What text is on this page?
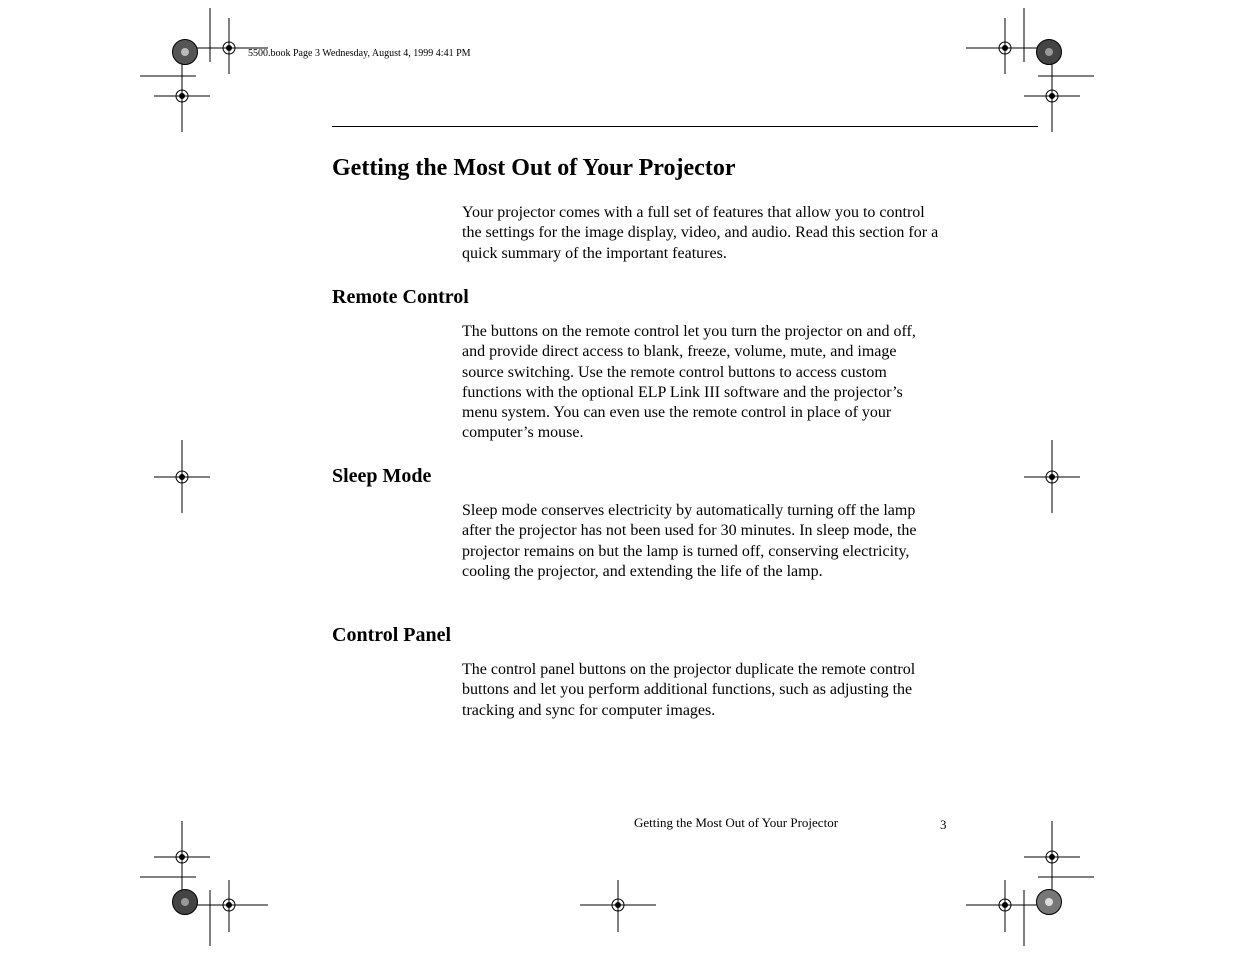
5500.book Page 3 Wednesday, August 4, 1999 4:41 PM
Getting the Most Out of Your Projector

Your projector comes with a full set of features that allow you to control the settings for the image display, video, and audio. Read this section for a quick summary of the important features.

Remote Control

The buttons on the remote control let you turn the projector on and off, and provide direct access to blank, freeze, volume, mute, and image source switching. Use the remote control buttons to access custom functions with the optional ELP Link III software and the projector’s menu system. You can even use the remote control in place of your computer’s mouse.

Sleep Mode

Sleep mode conserves electricity by automatically turning off the lamp after the projector has not been used for 30 minutes. In sleep mode, the projector remains on but the lamp is turned off, conserving electricity, cooling the projector, and extending the life of the lamp.

Control Panel

The control panel buttons on the projector duplicate the remote control buttons and let you perform additional functions, such as adjusting the tracking and sync for computer images.

Getting the Most Out of Your Projector	3
